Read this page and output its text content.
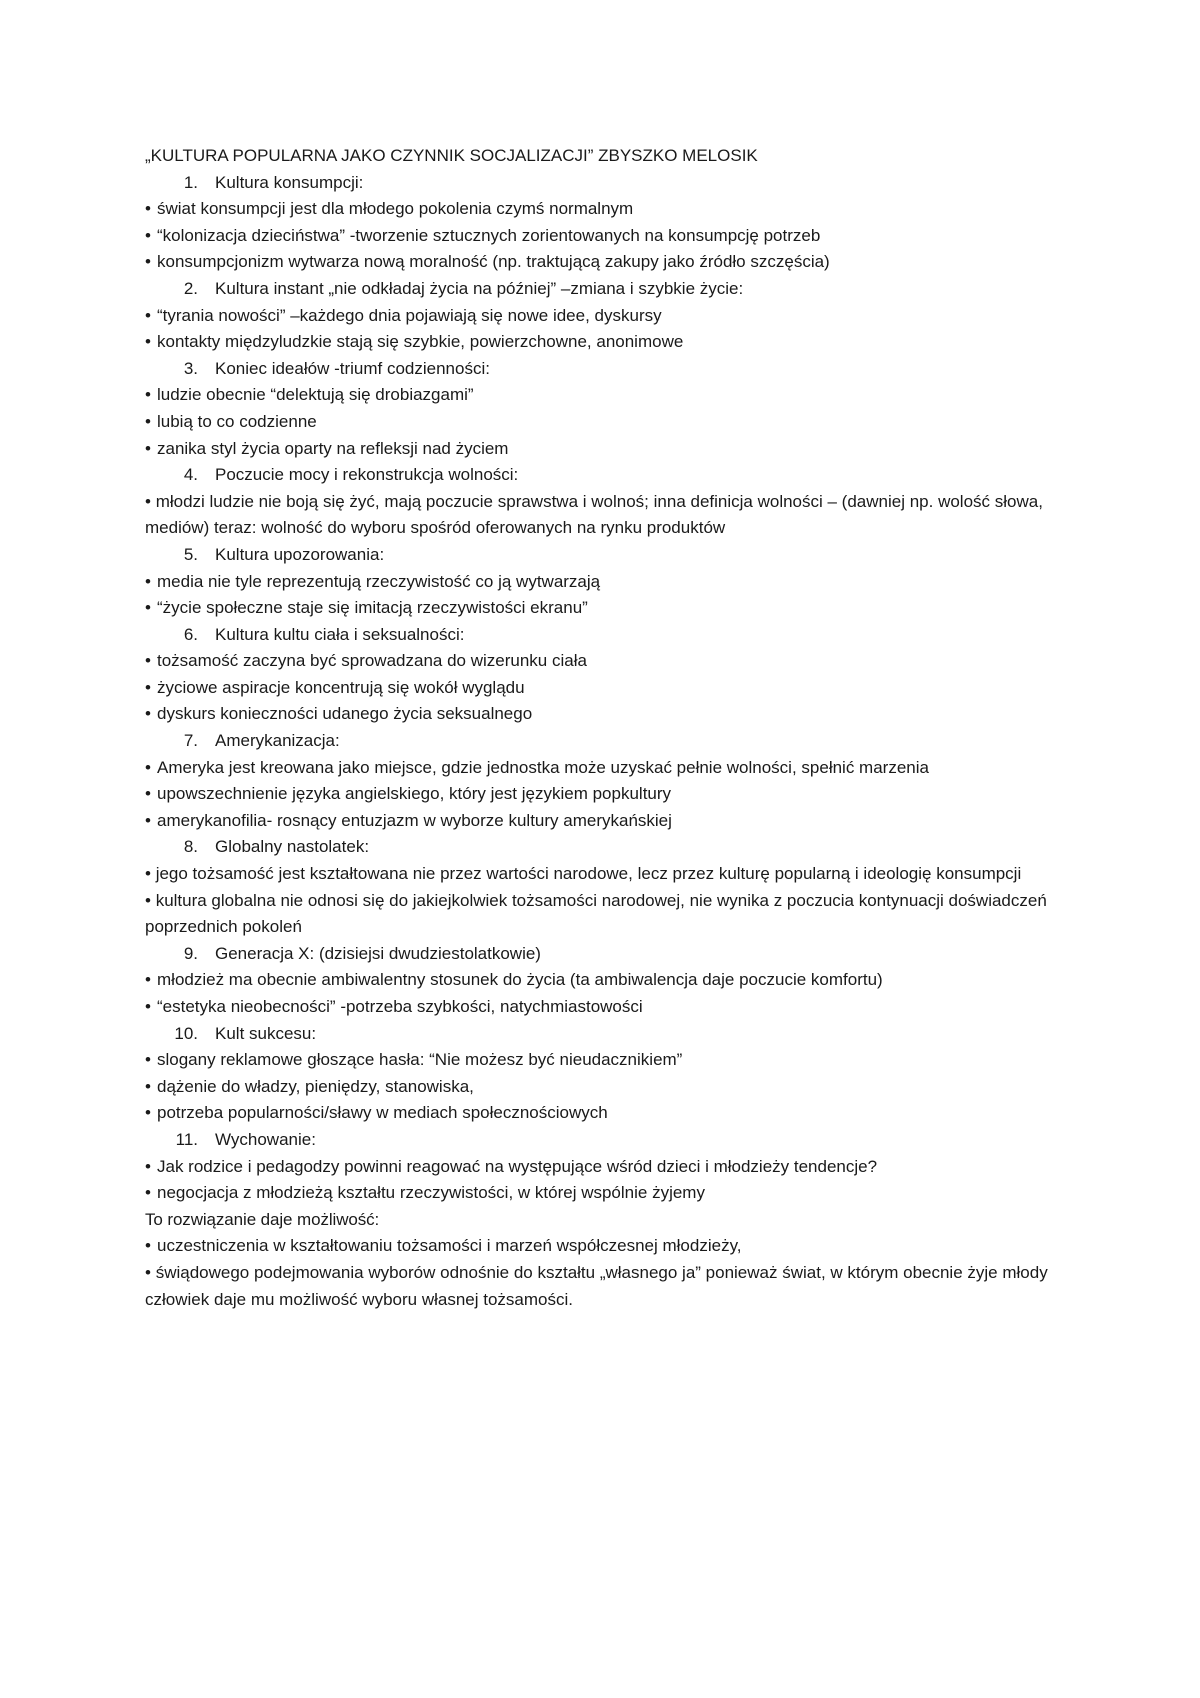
„KULTURA POPULARNA JAKO CZYNNIK SOCJALIZACJI” ZBYSZKO MELOSIK
1. Kultura konsumpcji:
• świat konsumpcji jest dla młodego pokolenia czymś normalnym
• “kolonizacja dzieciństwa” -tworzenie sztucznych zorientowanych na konsumpcję potrzeb
• konsumpcjonizm wytwarza nową moralność (np. traktującą zakupy jako źródło szczęścia)
2. Kultura instant „nie odkładaj życia na później” –zmiana i szybkie życie:
• “tyrania nowości” –każdego dnia pojawiają się nowe idee, dyskursy
• kontakty międzyludzkie stają się szybkie, powierzchowne, anonimowe
3. Koniec ideałów -triumf codzienności:
• ludzie obecnie “delektują się drobiazgami”
• lubią to co codzienne
• zanika styl życia oparty na refleksji nad życiem
4. Poczucie mocy i rekonstrukcja wolności:
• młodzi ludzie nie boją się żyć, mają poczucie sprawstwa i wolnoś; inna definicja wolności – (dawniej np. wolość słowa, mediów) teraz: wolność do wyboru spośród oferowanych na rynku produktów
5. Kultura upozorowania:
• media nie tyle reprezentują rzeczywistość co ją wytwarzają
• “życie społeczne staje się imitacją rzeczywistości ekranu”
6. Kultura kultu ciała i seksualności:
• tożsamość zaczyna być sprowadzana do wizerunku ciała
• życiowe aspiracje koncentrują się wokół wyglądu
• dyskurs konieczności udanego życia seksualnego
7. Amerykanizacja:
• Ameryka jest kreowana jako miejsce, gdzie jednostka może uzyskać pełnie wolności, spełnić marzenia
• upowszechnienie języka angielskiego, który jest językiem popkultury
• amerykanofilia- rosnący entuzjazm w wyborze kultury amerykańskiej
8. Globalny nastolatek:
• jego tożsamość jest kształtowana nie przez wartości narodowe, lecz przez kulturę popularną i ideologię konsumpcji
• kultura globalna nie odnosi się do jakiejkolwiek tożsamości narodowej, nie wynika z poczucia kontynuacji doświadczeń poprzednich pokoleń
9. Generacja X: (dzisiejsi dwudziestolatkowie)
• młodzież ma obecnie ambiwalentny stosunek do życia (ta ambiwalencja daje poczucie komfortu)
• “estetyka nieobecności” -potrzeba szybkości, natychmiastowości
10. Kult sukcesu:
• slogany reklamowe głoszące hasła: “Nie możesz być nieudacznikiem”
• dążenie do władzy, pieniędzy, stanowiska,
• potrzeba popularności/sławy w mediach społecznościowych
11. Wychowanie:
• Jak rodzice i pedagodzy powinni reagować na występujące wśród dzieci i młodzieży tendencje?
• negocjacja z młodzieżą kształtu rzeczywistości, w której wspólnie żyjemy
To rozwiązanie daje możliwość:
• uczestniczenia w kształtowaniu tożsamości i marzeń współczesnej młodzieży,
• świądowego podejmowania wyborów odnośnie do kształtu „własnego ja” ponieważ świat, w którym obecnie żyje młody człowiek daje mu możliwość wyboru własnej tożsamości.
